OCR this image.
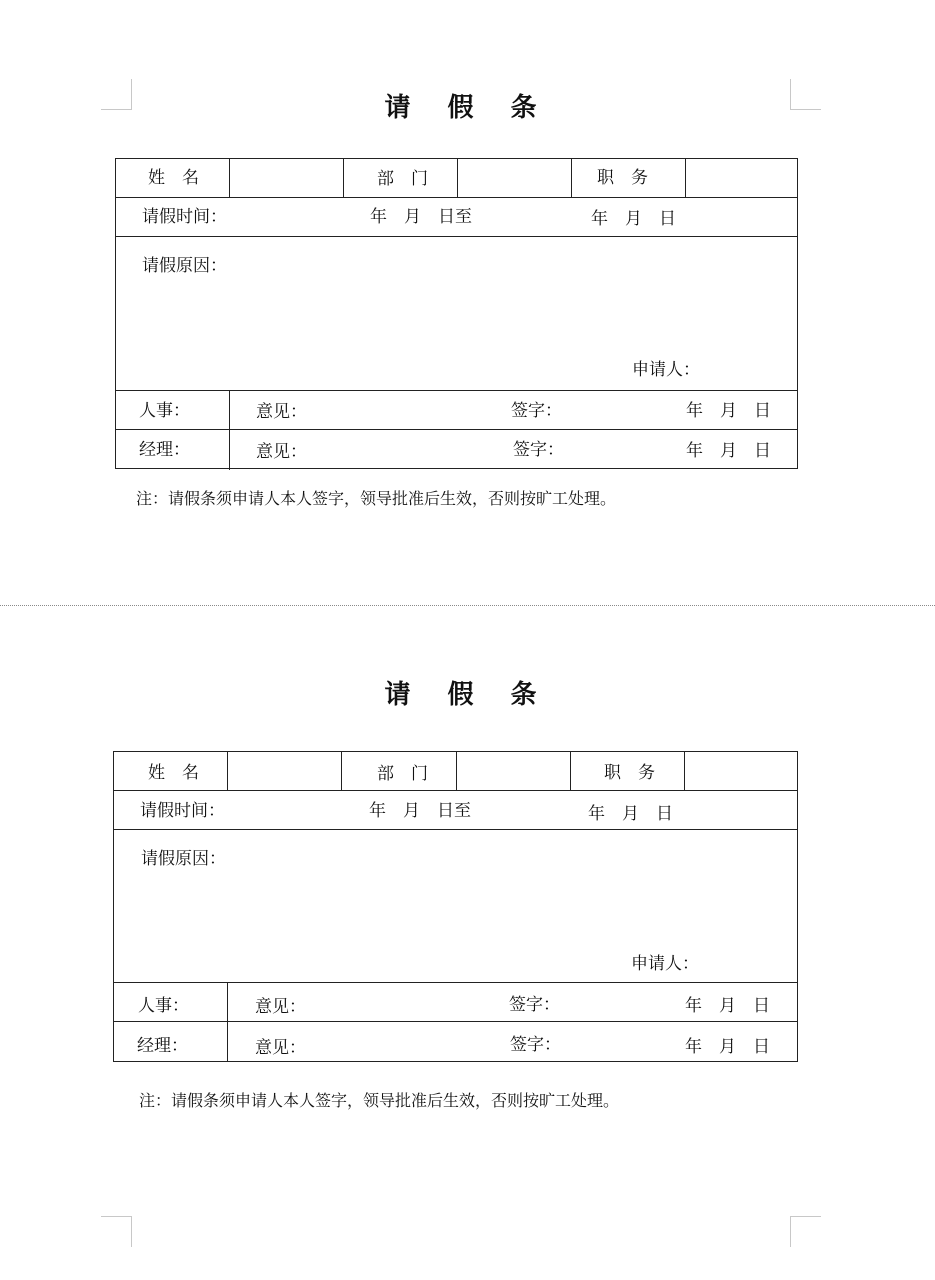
请 假 条
姓　名	部　门	职　务
请假时间：	年　月　日至	年　月　日
请假原因：
申请人：
人事：	意见：	签字：	年　月　日
经理：	意见：	签字：	年　月　日
注：请假条须申请人本人签字，领导批准后生效，否则按旷工处理。
请 假 条
姓　名	部　门	职　务
请假时间：	年　月　日至	年　月　日
请假原因：
申请人：
人事：	意见：	签字：	年　月　日
经理：	意见：	签字：	年　月　日
注：请假条须申请人本人签字，领导批准后生效，否则按旷工处理。
